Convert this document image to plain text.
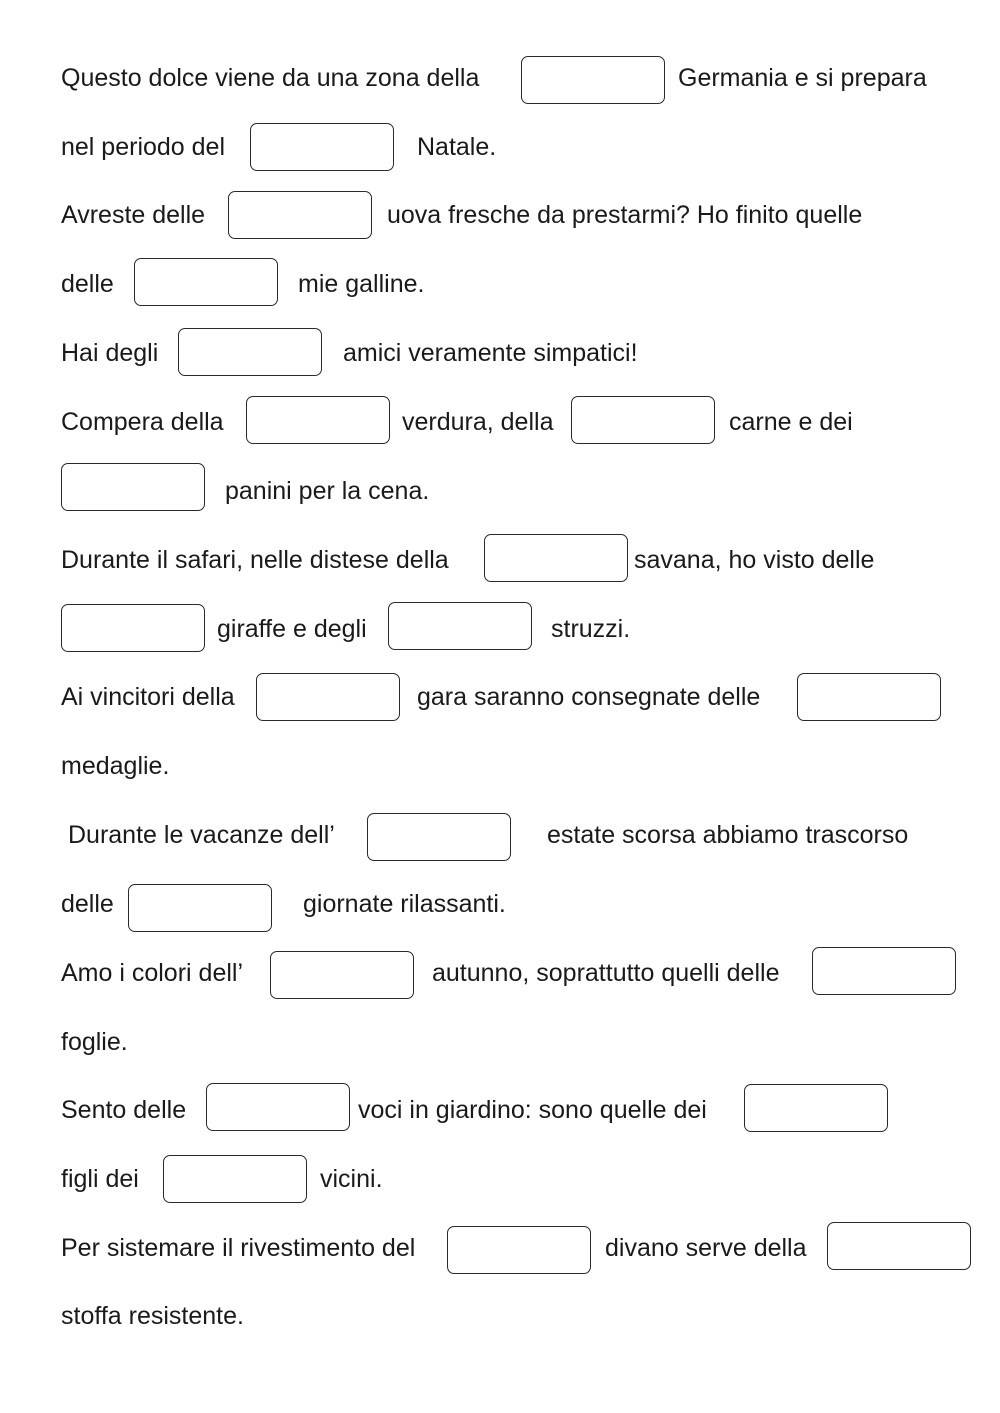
Questo dolce viene da una zona della	Germania e si prepara
nel periodo del	Natale.
Avreste delle	uova fresche da prestarmi? Ho finito quelle
delle	mie galline.
Hai degli	amici veramente simpatici!
Compera della	verdura, della	carne e dei
panini per la cena.
Durante il safari, nelle distese della	savana, ho visto delle
giraffe e degli	struzzi.
Ai vincitori della	gara saranno consegnate delle
medaglie.
Durante le vacanze dell’	estate scorsa abbiamo trascorso
delle	giornate rilassanti.
Amo i colori dell’	autunno, soprattutto quelli delle
foglie.
Sento delle	voci in giardino: sono quelle dei
figli dei	vicini.
Per sistemare il rivestimento del	divano serve della
stoffa resistente.
